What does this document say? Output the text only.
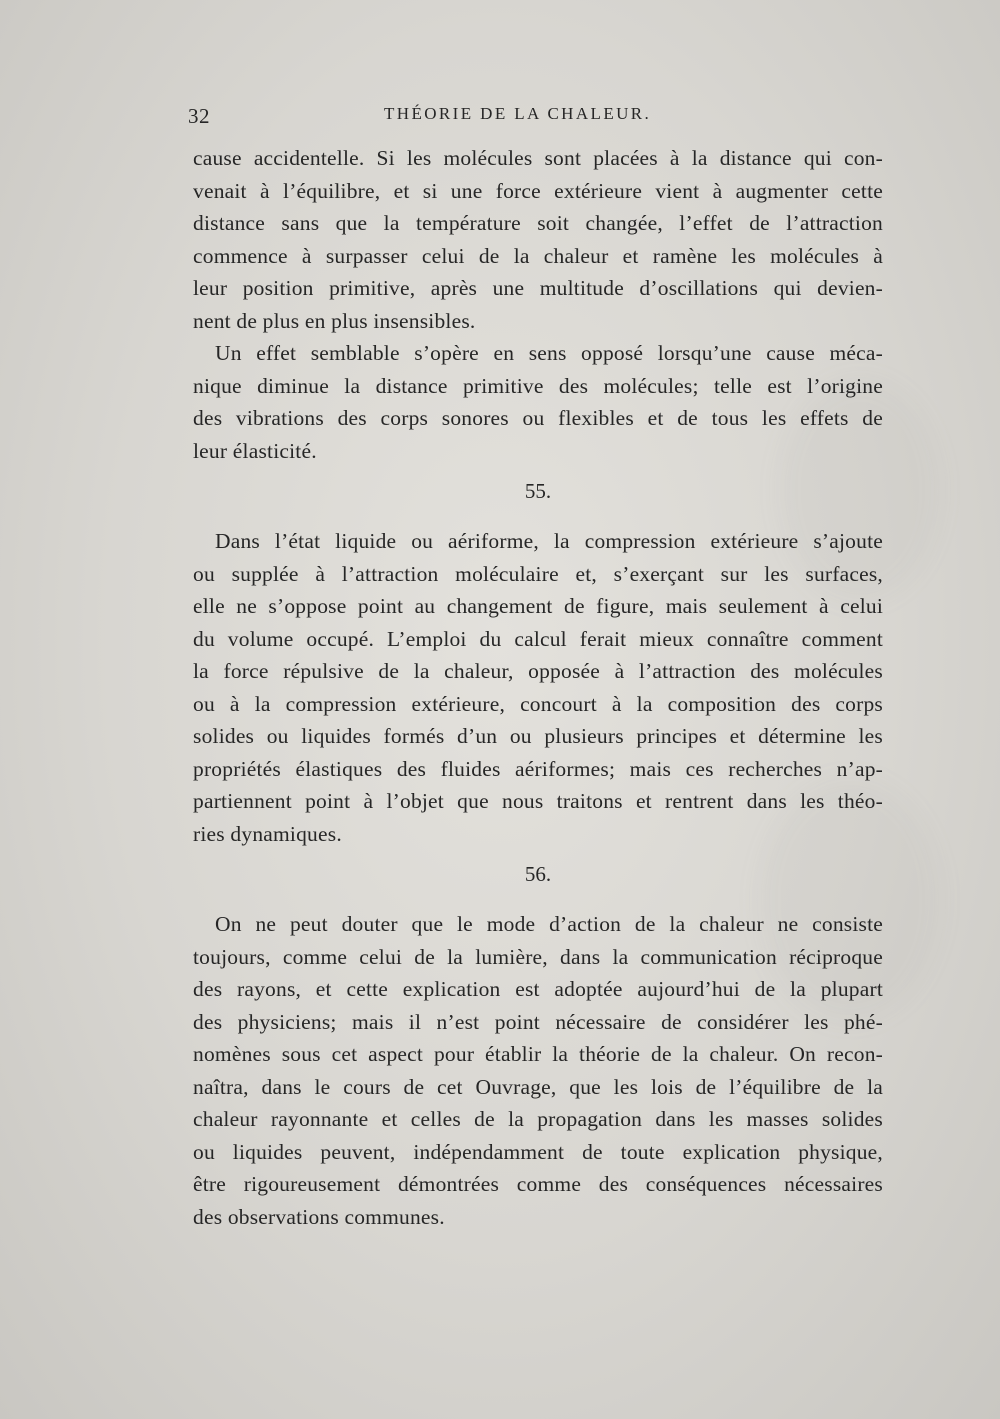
32	THÉORIE DE LA CHALEUR.
cause accidentelle. Si les molécules sont placées à la distance qui con-
venait à l’équilibre, et si une force extérieure vient à augmenter cette
distance sans que la température soit changée, l’effet de l’attraction
commence à surpasser celui de la chaleur et ramène les molécules à
leur position primitive, après une multitude d’oscillations qui devien-
nent de plus en plus insensibles.
Un effet semblable s’opère en sens opposé lorsqu’une cause méca-
nique diminue la distance primitive des molécules; telle est l’origine
des vibrations des corps sonores ou flexibles et de tous les effets de
leur élasticité.
55.
Dans l’état liquide ou aériforme, la compression extérieure s’ajoute
ou supplée à l’attraction moléculaire et, s’exerçant sur les surfaces,
elle ne s’oppose point au changement de figure, mais seulement à celui
du volume occupé. L’emploi du calcul ferait mieux connaître comment
la force répulsive de la chaleur, opposée à l’attraction des molécules
ou à la compression extérieure, concourt à la composition des corps
solides ou liquides formés d’un ou plusieurs principes et détermine les
propriétés élastiques des fluides aériformes; mais ces recherches n’ap-
partiennent point à l’objet que nous traitons et rentrent dans les théo-
ries dynamiques.
56.
On ne peut douter que le mode d’action de la chaleur ne consiste
toujours, comme celui de la lumière, dans la communication réciproque
des rayons, et cette explication est adoptée aujourd’hui de la plupart
des physiciens; mais il n’est point nécessaire de considérer les phé-
nomènes sous cet aspect pour établir la théorie de la chaleur. On recon-
naîtra, dans le cours de cet Ouvrage, que les lois de l’équilibre de la
chaleur rayonnante et celles de la propagation dans les masses solides
ou liquides peuvent, indépendamment de toute explication physique,
être rigoureusement démontrées comme des conséquences nécessaires
des observations communes.
